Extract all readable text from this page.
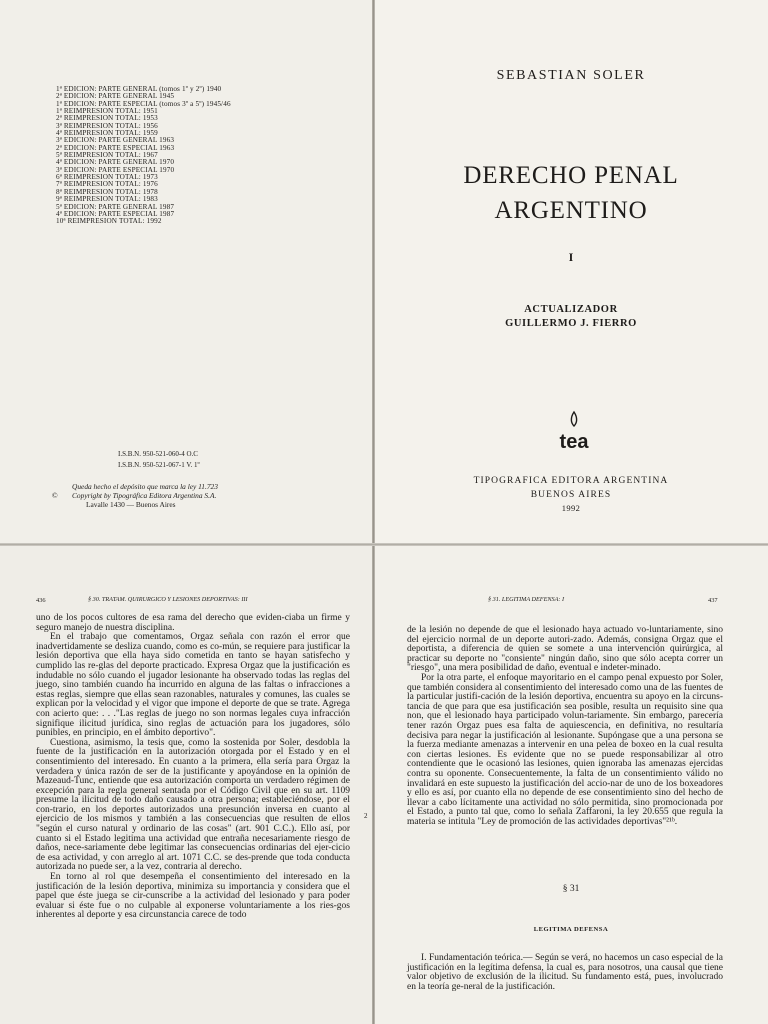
1ª EDICION: PARTE GENERAL (tomos 1º y 2º) 1940
2ª EDICION: PARTE GENERAL 1945
1ª EDICION: PARTE ESPECIAL (tomos 3º a 5º) 1945/46
1ª REIMPRESION TOTAL: 1951
2ª REIMPRESION TOTAL: 1953
3ª REIMPRESION TOTAL: 1956
4ª REIMPRESION TOTAL: 1959
3ª EDICION: PARTE GENERAL 1963
2ª EDICION: PARTE ESPECIAL 1963
5ª REIMPRESION TOTAL: 1967
4ª EDICION: PARTE GENERAL 1970
3ª EDICION: PARTE ESPECIAL 1970
6ª REIMPRESION TOTAL: 1973
7ª REIMPRESION TOTAL: 1976
8ª REIMPRESION TOTAL: 1978
9ª REIMPRESION TOTAL: 1983
5ª EDICION: PARTE GENERAL 1987
4ª EDICION: PARTE ESPECIAL 1987
10ª REIMPRESION TOTAL: 1992
I.S.B.N. 950-521-060-4 O.C
I.S.B.N. 950-521-067-1 V. 1º
Queda hecho el depósito que marca la ley 11.723
© Copyright by Tipográfica Editora Argentina S.A.
Lavalle 1430 — Buenos Aires
SEBASTIAN SOLER
DERECHO PENAL
ARGENTINO
I
ACTUALIZADOR
GUILLERMO J. FIERRO
tea
TIPOGRAFICA EDITORA ARGENTINA
BUENOS AIRES
1992
436	§ 30. TRATAM. QUIRURGICO Y LESIONES DEPORTIVAS: III

uno de los pocos cultores de esa rama del derecho que eviden-ciaba un firme y seguro manejo de nuestra disciplina.

En el trabajo que comentamos, Orgaz señala con razón el error que inadvertidamente se desliza cuando, como es co-mún, se requiere para justificar la lesión deportiva que ella haya sido cometida en tanto se hayan satisfecho y cumplido las re-glas del deporte practicado. Expresa Orgaz que la justificación es indudable no sólo cuando el jugador lesionante ha observado todas las reglas del juego, sino también cuando ha incurrido en alguna de las faltas o infracciones a estas reglas, siempre que ellas sean razonables, naturales y comunes, las cuales se explican por la velocidad y el vigor que impone el deporte de que se trate. Agrega con acierto que: . . ."Las reglas de juego no son normas legales cuya infracción signifique ilicitud jurídica, sino reglas de actuación para los jugadores, sólo punibles, en principio, en el ámbito deportivo".

Cuestiona, asimismo, la tesis que, como la sostenida por Soler, desdobla la fuente de la justificación en la autorización otorgada por el Estado y en el consentimiento del interesado. En cuanto a la primera, ella sería para Orgaz la verdadera y única razón de ser de la justificante y apoyándose en la opinión de Mazeaud-Tunc, entiende que esa autorización comporta un verdadero régimen de excepción para la regla general sentada por el Código Civil que en su art. 1109 presume la ilicitud de todo daño causado a otra persona; estableciéndose, por el con-trario, en los deportes autorizados una presunción inversa en cuanto al ejercicio de los mismos y también a las consecuencias que resulten de ellos "según el curso natural y ordinario de las cosas" (art. 901 C.C.). Ello así, por cuanto si el Estado legitima una actividad que entraña necesariamente riesgo de daños, nece-sariamente debe legitimar las consecuencias ordinarias del ejer-cicio de esa actividad, y con arreglo al art. 1071 C.C. se des-prende que toda conducta autorizada no puede ser, a la vez, contraria al derecho.

En torno al rol que desempeña el consentimiento del interesado en la justificación de la lesión deportiva, minimiza su importancia y considera que el papel que éste juega se cir-cunscribe a la actividad del lesionado y para poder evaluar si éste fue o no culpable al exponerse voluntariamente a los ries-gos inherentes al deporte y esa circunstancia carece de todo

2
§ 31. LEGITIMA DEFENSA: I	437

de la lesión no depende de que el lesionado haya actuado vo-luntariamente, sino del ejercicio normal de un deporte autori-zado. Además, consigna Orgaz que el deportista, a diferencia de quien se somete a una intervención quirúrgica, al practicar su deporte no "consiente" ningún daño, sino que sólo acepta correr un "riesgo", una mera posibilidad de daño, eventual e indeter-minado.

Por la otra parte, el enfoque mayoritario en el campo penal expuesto por Soler, que también considera al consentimiento del interesado como una de las fuentes de la particular justifi-cación de la lesión deportiva, encuentra su apoyo en la circuns-tancia de que para que esa justificación sea posible, resulta un requisito sine qua non, que el lesionado haya participado volun-tariamente. Sin embargo, parecería tener razón Orgaz pues esa falta de aquiescencia, en definitiva, no resultaría decisiva para negar la justificación al lesionante. Supóngase que a una persona se la fuerza mediante amenazas a intervenir en una pelea de boxeo en la cual resulta con ciertas lesiones. Es evidente que no se puede responsabilizar al otro contendiente que le ocasionó las lesiones, quien ignoraba las amenazas ejercidas contra su oponente. Consecuentemente, la falta de un consentimiento válido no invalidará en este supuesto la justificación del accio-nar de uno de los boxeadores y ello es así, por cuanto ella no depende de ese consentimiento sino del hecho de llevar a cabo lícitamente una actividad no sólo permitida, sino promocionada por el Estado, a punto tal que, como lo señala Zaffaroni, la ley 20.655 que regula la materia se intitula "Ley de promoción de las actividades deportivas"²¹ᵇ.

§ 31
LEGITIMA DEFENSA

I. Fundamentación teórica.— Según se verá, no hacemos un caso especial de la justificación en la legítima defensa, la cual es, para nosotros, una causal que tiene valor objetivo de exclusión de la ilicitud. Su fundamento está, pues, involucrado en la teoría ge-neral de la justificación.
